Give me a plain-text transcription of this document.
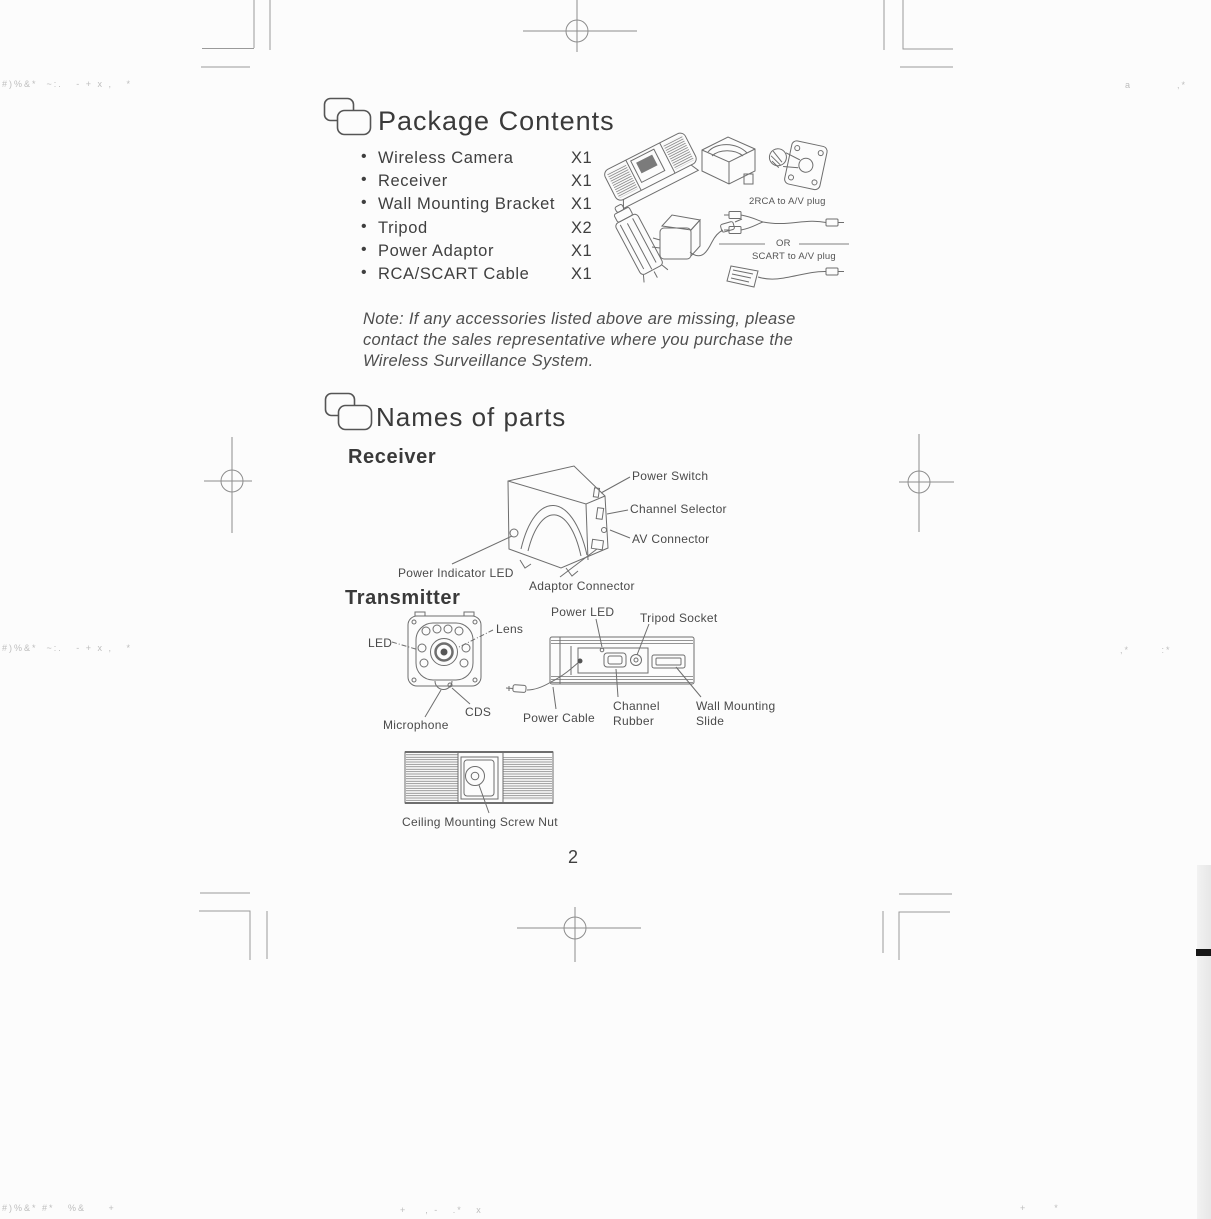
Package Contents
• Wireless Camera	X1
• Receiver	X1
• Wall Mounting Bracket X1
• Tripod	X2
• Power Adaptor	X1
• RCA/SCART Cable	X1
2RCA to A/V plug
OR
SCART to A/V plug
Note: If any accessories listed above are missing, please contact the sales representative where you purchase the Wireless Surveillance System.
Names of parts
Receiver
Power Switch
Channel Selector
AV Connector
Power Indicator LED
Adaptor Connector
Transmitter
LED
Lens
CDS
Microphone
Power LED Tripod Socket
Power Cable
Channel Rubber
Wall Mounting Slide
Ceiling Mounting Screw Nut
2
#)%&*  ~:.   - + x ,   *	a          ,*
#)%&*  ~:.   - + x ,   *	,*       :*
#)%&* #*   %&     +	+    , -   .*   x	+      *
